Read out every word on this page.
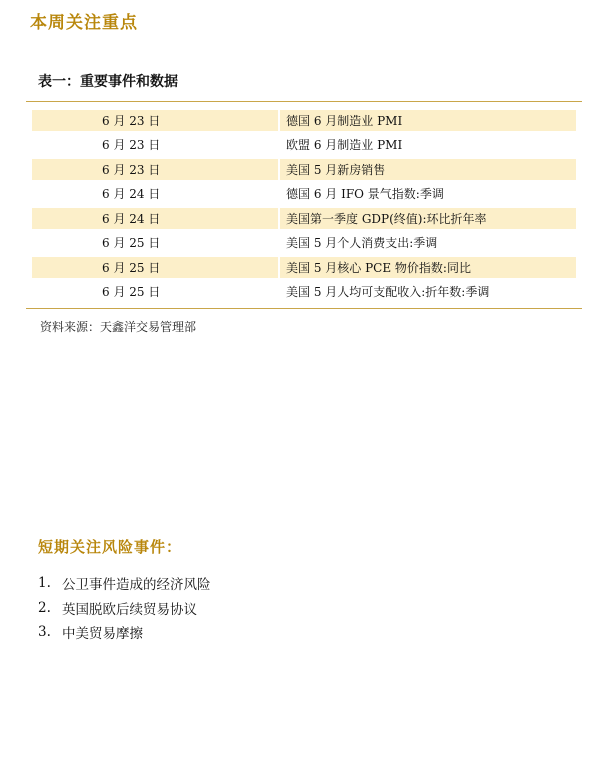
本周关注重点
表一：重要事件和数据
6 月 23 日	德国 6 月制造业 PMI
6 月 23 日	欧盟 6 月制造业 PMI
6 月 23 日	美国 5 月新房销售
6 月 24 日	德国 6 月 IFO 景气指数:季调
6 月 24 日	美国第一季度 GDP(终值):环比折年率
6 月 25 日	美国 5 月个人消费支出:季调
6 月 25 日	美国 5 月核心 PCE 物价指数:同比
6 月 25 日	美国 5 月人均可支配收入:折年数:季调
资料来源：天鑫洋交易管理部
短期关注风险事件：
1. 公卫事件造成的经济风险
2. 英国脱欧后续贸易协议
3. 中美贸易摩擦
